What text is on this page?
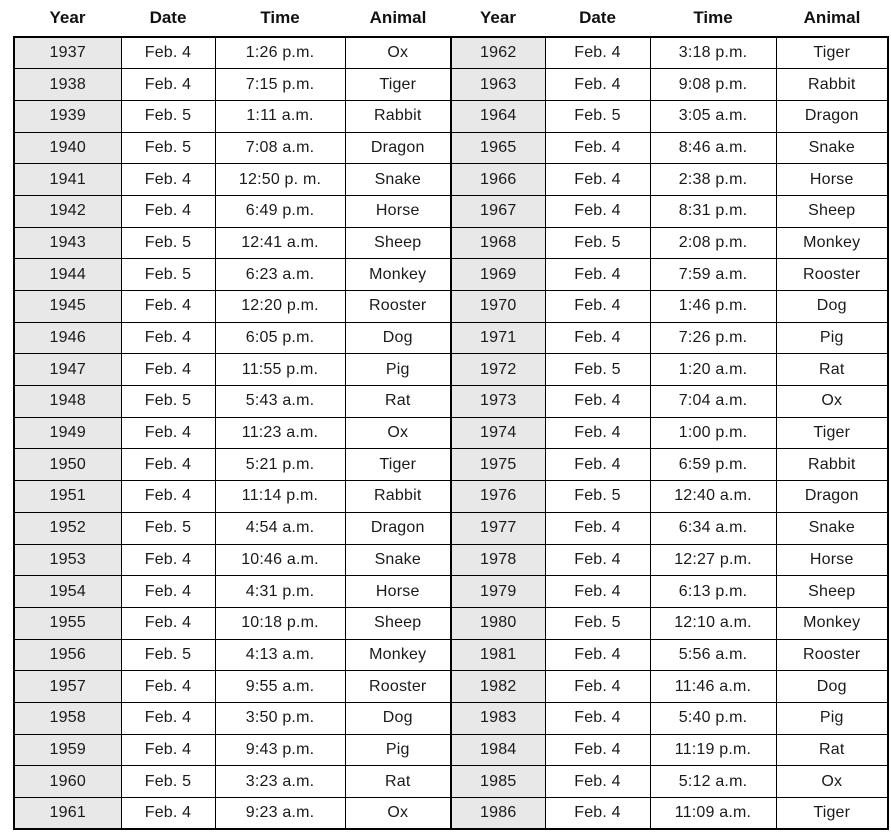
Year	Date	Time	Animal	Year	Date	Time	Animal
1937	Feb. 4	1:26 p.m.	Ox	1962	Feb. 4	3:18 p.m.	Tiger
1938	Feb. 4	7:15 p.m.	Tiger	1963	Feb. 4	9:08 p.m.	Rabbit
1939	Feb. 5	1:11 a.m.	Rabbit	1964	Feb. 5	3:05 a.m.	Dragon
1940	Feb. 5	7:08 a.m.	Dragon	1965	Feb. 4	8:46 a.m.	Snake
1941	Feb. 4	12:50 p. m.	Snake	1966	Feb. 4	2:38 p.m.	Horse
1942	Feb. 4	6:49 p.m.	Horse	1967	Feb. 4	8:31 p.m.	Sheep
1943	Feb. 5	12:41 a.m.	Sheep	1968	Feb. 5	2:08 p.m.	Monkey
1944	Feb. 5	6:23 a.m.	Monkey	1969	Feb. 4	7:59 a.m.	Rooster
1945	Feb. 4	12:20 p.m.	Rooster	1970	Feb. 4	1:46 p.m.	Dog
1946	Feb. 4	6:05 p.m.	Dog	1971	Feb. 4	7:26 p.m.	Pig
1947	Feb. 4	11:55 p.m.	Pig	1972	Feb. 5	1:20 a.m.	Rat
1948	Feb. 5	5:43 a.m.	Rat	1973	Feb. 4	7:04 a.m.	Ox
1949	Feb. 4	11:23 a.m.	Ox	1974	Feb. 4	1:00 p.m.	Tiger
1950	Feb. 4	5:21 p.m.	Tiger	1975	Feb. 4	6:59 p.m.	Rabbit
1951	Feb. 4	11:14 p.m.	Rabbit	1976	Feb. 5	12:40 a.m.	Dragon
1952	Feb. 5	4:54 a.m.	Dragon	1977	Feb. 4	6:34 a.m.	Snake
1953	Feb. 4	10:46 a.m.	Snake	1978	Feb. 4	12:27 p.m.	Horse
1954	Feb. 4	4:31 p.m.	Horse	1979	Feb. 4	6:13 p.m.	Sheep
1955	Feb. 4	10:18 p.m.	Sheep	1980	Feb. 5	12:10 a.m.	Monkey
1956	Feb. 5	4:13 a.m.	Monkey	1981	Feb. 4	5:56 a.m.	Rooster
1957	Feb. 4	9:55 a.m.	Rooster	1982	Feb. 4	11:46 a.m.	Dog
1958	Feb. 4	3:50 p.m.	Dog	1983	Feb. 4	5:40 p.m.	Pig
1959	Feb. 4	9:43 p.m.	Pig	1984	Feb. 4	11:19 p.m.	Rat
1960	Feb. 5	3:23 a.m.	Rat	1985	Feb. 4	5:12 a.m.	Ox
1961	Feb. 4	9:23 a.m.	Ox	1986	Feb. 4	11:09 a.m.	Tiger
